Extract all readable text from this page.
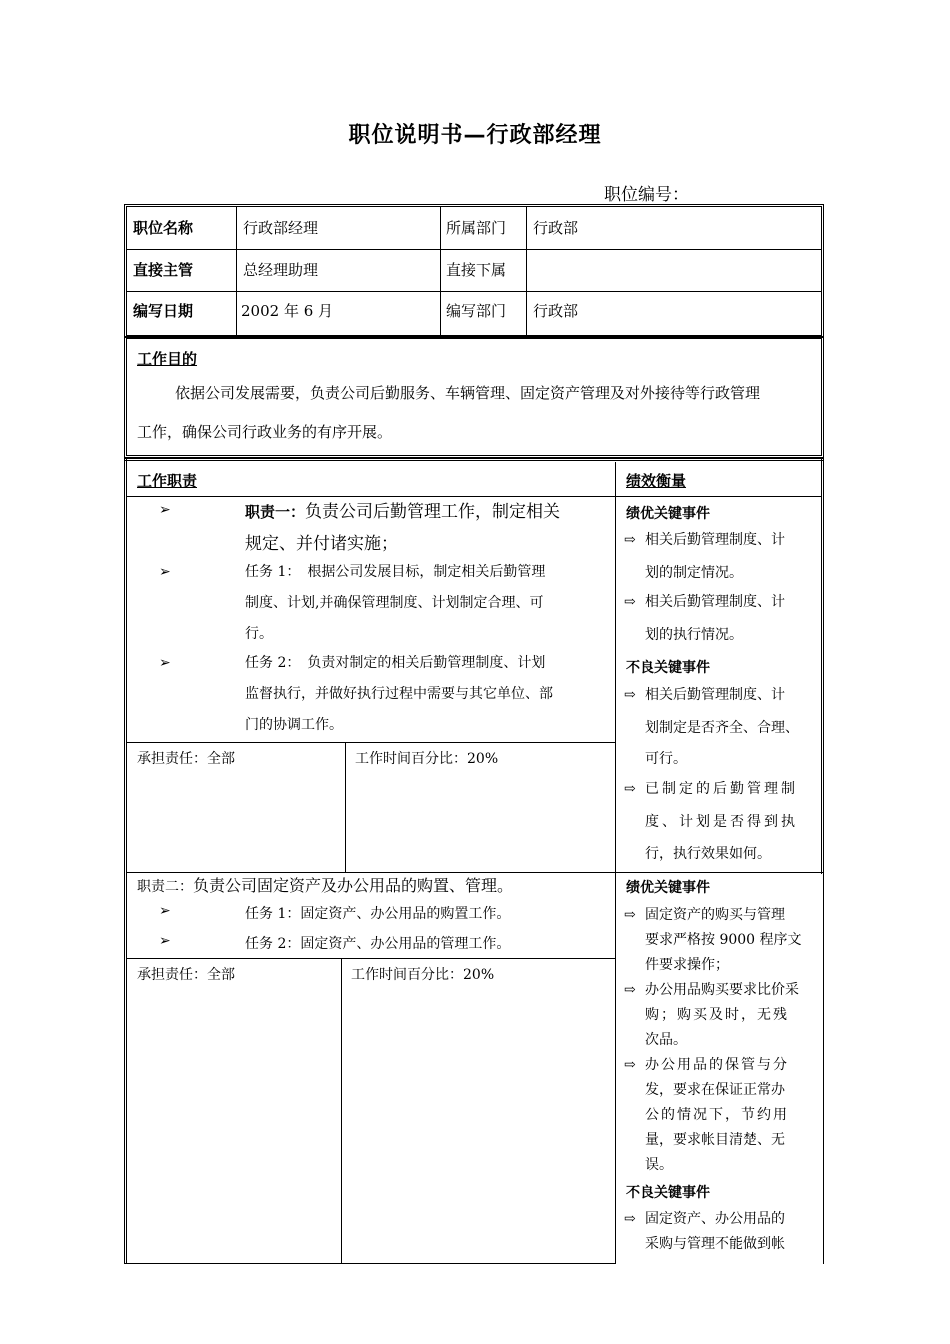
职位说明书—行政部经理
职位编号：
职位名称	行政部经理	所属部门 行政部
直接主管	总经理助理	直接下属
编写日期	2002 年 6 月	编写部门 行政部
工作目的
依据公司发展需要，负责公司后勤服务、车辆管理、固定资产管理及对外接待等行政管理
工作，确保公司行政业务的有序开展。
工作职责	绩效衡量
➢	职责一：负责公司后勤管理工作，制定相关
规定、并付诸实施；
➢	任务 1：　根据公司发展目标，制定相关后勤管理
制度、计划,并确保管理制度、计划制定合理、可
行。
➢	任务 2：　负责对制定的相关后勤管理制度、计划
监督执行，并做好执行过程中需要与其它单位、部
门的协调工作。
承担责任：全部	工作时间百分比：20%
绩优关键事件
⇨ 相关后勤管理制度、计
划的制定情况。
⇨ 相关后勤管理制度、计
划的执行情况。
不良关键事件
⇨ 相关后勤管理制度、计
划制定是否齐全、合理、
可行。
⇨ 已制定的后勤管理制
度、计划是否得到执
行，执行效果如何。
职责二：负责公司固定资产及办公用品的购置、管理。
➢	任务 1：固定资产、办公用品的购置工作。
➢	任务 2：固定资产、办公用品的管理工作。
承担责任：全部	工作时间百分比：20%
绩优关键事件
⇨ 固定资产的购买与管理
要求严格按 9000 程序文
件要求操作；
⇨ 办公用品购买要求比价采
购；购买及时，无残
次品。
⇨ 办公用品的保管与分
发，要求在保证正常办
公的情况下，节约用
量，要求帐目清楚、无
误。
不良关键事件
⇨ 固定资产、办公用品的
采购与管理不能做到帐
